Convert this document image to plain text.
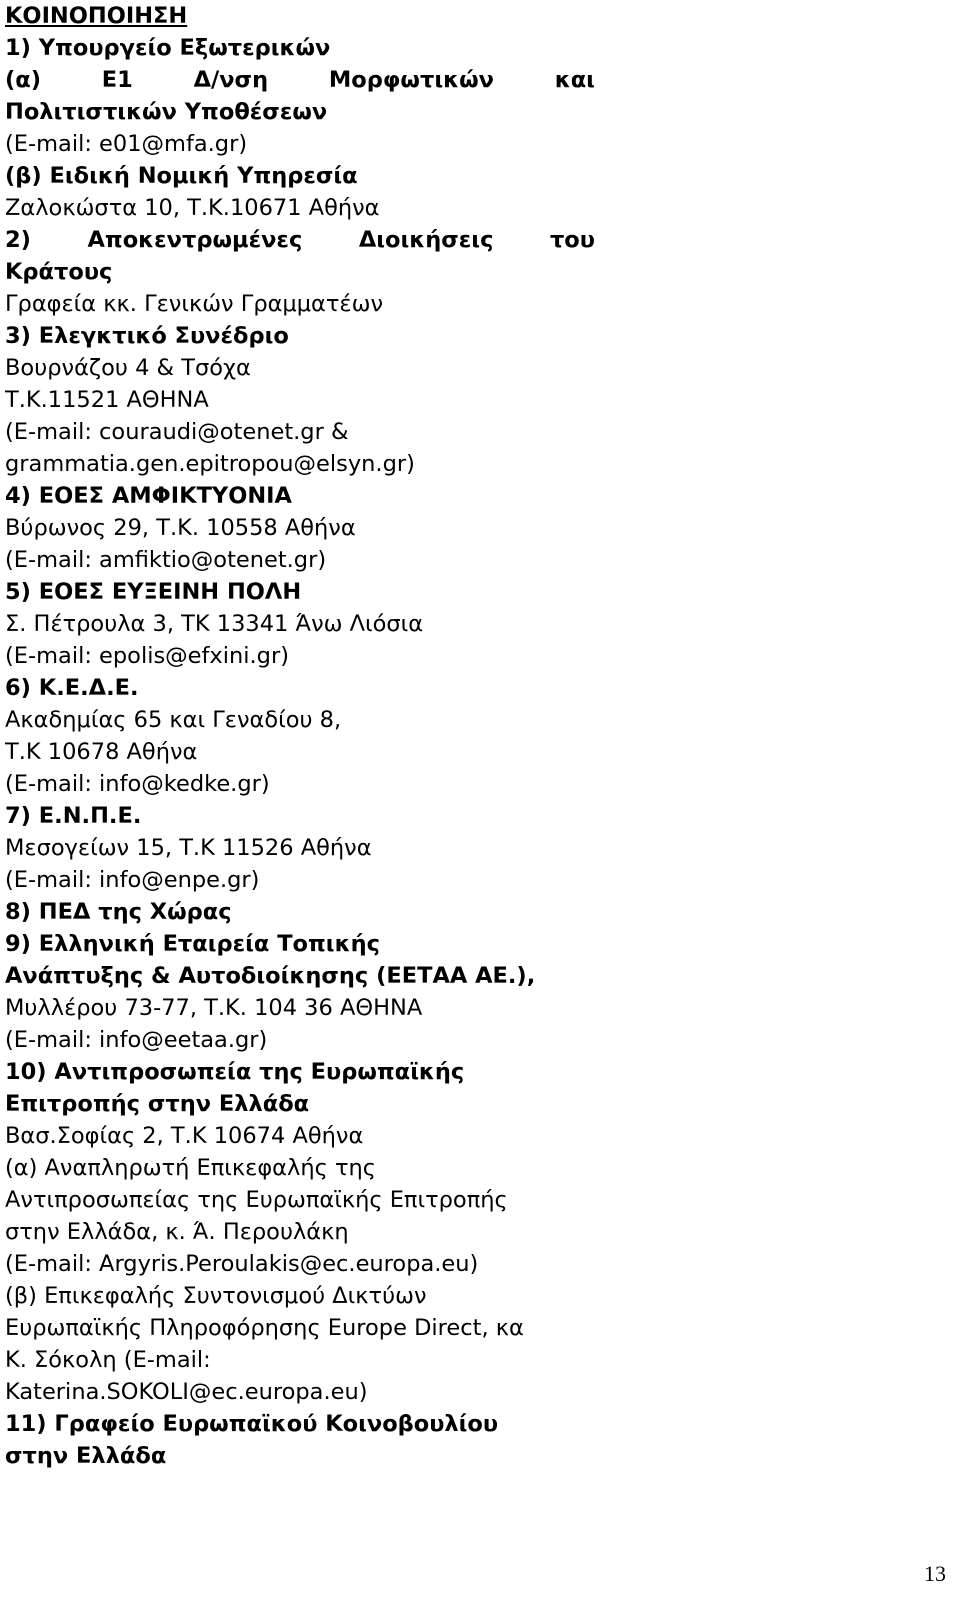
ΚΟΙΝΟΠΟΙΗΣΗ
1) Υπουργείο Εξωτερικών
(α)	Ε1	Δ/νση	Μορφωτικών	και
Πολιτιστικών Υποθέσεων
(E-mail: e01@mfa.gr)
(β) Ειδική Νομική Υπηρεσία
Ζαλοκώστα 10, Τ.Κ.10671 Αθήνα
2)	Αποκεντρωμένες	Διοικήσεις	του
Κράτους
Γραφεία κκ. Γενικών Γραμματέων
3) Ελεγκτικό Συνέδριο
Βουρνάζου 4 & Τσόχα
Τ.Κ.11521 ΑΘΗΝΑ
(E-mail: couraudi@otenet.gr &
grammatia.gen.epitropou@elsyn.gr)
4) ΕΟΕΣ ΑΜΦΙΚΤΥΟΝΙΑ
Βύρωνος 29, Τ.Κ. 10558 Αθήνα
(E-mail: amfiktio@otenet.gr)
5) ΕΟΕΣ ΕΥΞΕΙΝΗ ΠΟΛΗ
Σ. Πέτρουλα 3, ΤΚ 13341 Άνω Λιόσια
(E-mail: epolis@efxini.gr)
6) Κ.Ε.Δ.Ε.
Ακαδημίας 65 και Γεναδίου 8,
Τ.Κ 10678 Αθήνα
(E-mail: info@kedke.gr)
7) Ε.Ν.Π.Ε.
Μεσογείων 15, Τ.Κ 11526 Αθήνα
(E-mail: info@enpe.gr)
8) ΠΕΔ της Χώρας
9) Ελληνική Εταιρεία Τοπικής
Ανάπτυξης & Αυτοδιοίκησης (ΕΕΤΑΑ ΑΕ.),
Μυλλέρου 73-77, Τ.Κ. 104 36 ΑΘΗΝΑ
(E-mail: info@eetaa.gr)
10) Αντιπροσωπεία της Ευρωπαϊκής
Επιτροπής στην Ελλάδα
Βασ.Σοφίας 2, Τ.Κ 10674 Αθήνα
(α) Αναπληρωτή Επικεφαλής της
Αντιπροσωπείας της Ευρωπαϊκής Επιτροπής
στην Ελλάδα, κ. Ά. Περουλάκη
(E-mail: Argyris.Peroulakis@ec.europa.eu)
(β) Επικεφαλής Συντονισμού Δικτύων
Ευρωπαϊκής Πληροφόρησης Europe Direct, κα
Κ. Σόκολη (E-mail:
Katerina.SOKOLI@ec.europa.eu)
11) Γραφείο Ευρωπαϊκού Κοινοβουλίου
στην Ελλάδα
13
